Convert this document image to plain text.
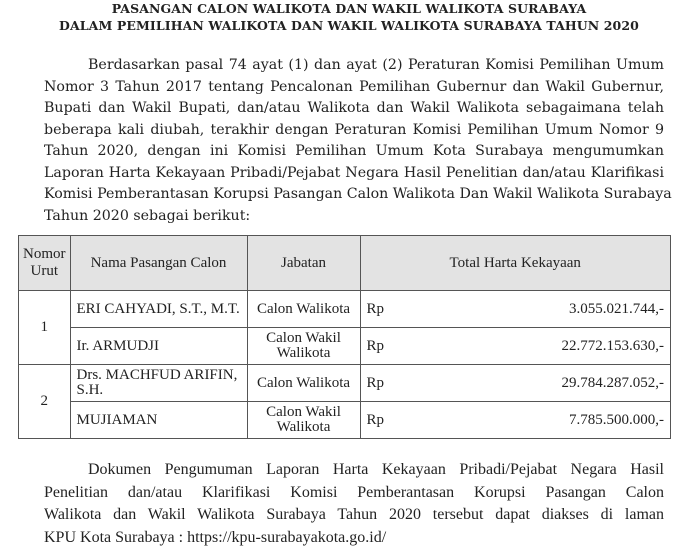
PASANGAN CALON WALIKOTA DAN WAKIL WALIKOTA SURABAYA
DALAM PEMILIHAN WALIKOTA DAN WAKIL WALIKOTA SURABAYA TAHUN 2020
Berdasarkan pasal 74 ayat (1) dan ayat (2) Peraturan Komisi Pemilihan Umum
Nomor 3 Tahun 2017 tentang Pencalonan Pemilihan Gubernur dan Wakil Gubernur,
Bupati dan Wakil Bupati, dan/atau Walikota dan Wakil Walikota sebagaimana telah
beberapa kali diubah, terakhir dengan Peraturan Komisi Pemilihan Umum Nomor 9
Tahun 2020, dengan ini Komisi Pemilihan Umum Kota Surabaya mengumumkan
Laporan Harta Kekayaan Pribadi/Pejabat Negara Hasil Penelitian dan/atau Klarifikasi
Komisi Pemberantasan Korupsi Pasangan Calon Walikota Dan Wakil Walikota Surabaya
Tahun 2020 sebagai berikut:
Nomor Urut	Nama Pasangan Calon	Jabatan	Total Harta Kekayaan	
1	ERI CAHYADI, S.T., M.T.	Calon Walikota	Rp	3.055.021.744,-
	Ir. ARMUDJI	Calon Wakil Walikota	Rp	22.772.153.630,-
2	Drs. MACHFUD ARIFIN, S.H.	Calon Walikota	Rp	29.784.287.052,-
	MUJIAMAN	Calon Wakil Walikota	Rp	7.785.500.000,-
Dokumen Pengumuman Laporan Harta Kekayaan Pribadi/Pejabat Negara Hasil
Penelitian dan/atau Klarifikasi Komisi Pemberantasan Korupsi Pasangan Calon
Walikota dan Wakil Walikota Surabaya Tahun 2020 tersebut dapat diakses di laman
KPU Kota Surabaya : https://kpu-surabayakota.go.id/
